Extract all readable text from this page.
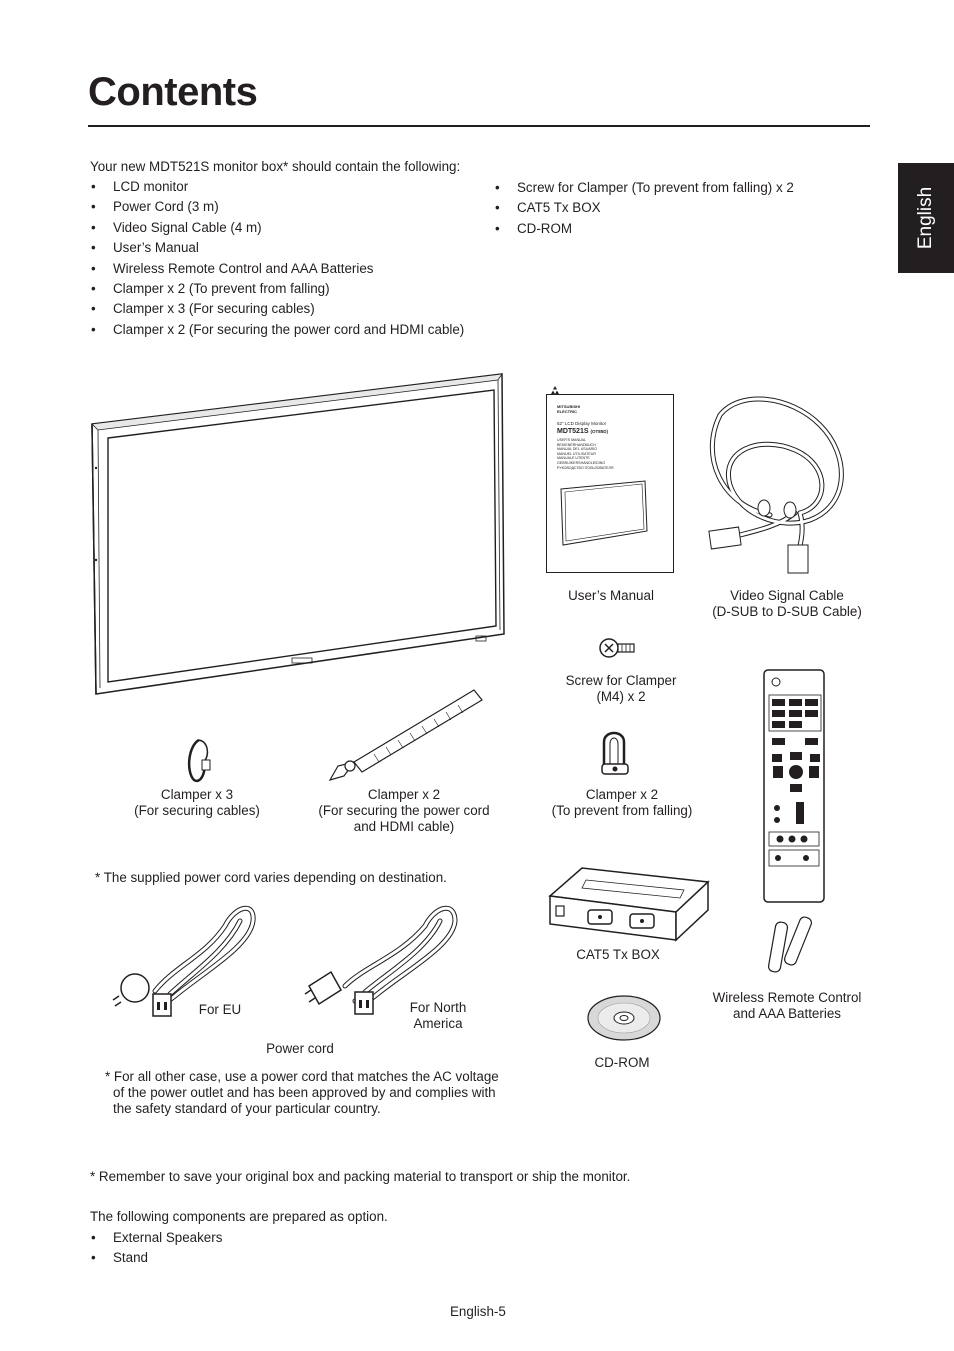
Contents
English
Your new MDT521S monitor box* should contain the following:
• LCD monitor
• Power Cord (3 m)
• Video Signal Cable (4 m)
• User’s Manual
• Wireless Remote Control and AAA Batteries
• Clamper x 2 (To prevent from falling)
• Clamper x 3 (For securing cables)
• Clamper x 2 (For securing the power cord and HDMI cable)
• Screw for Clamper (To prevent from falling) x 2
• CAT5 Tx BOX
• CD-ROM
MITSUBISHI
ELECTRIC
52" LCD Display Monitor
MDT521S (OT85D)
USER'S MANUAL
BEDIENERHANDBUCH
MANUAL DEL USUARIO
MANUEL UTILISATEUR
MANUALE UTENTE
GEBRUIKERSHANDLEIDING
РУКОВОДСТВО ПОЛЬЗОВАТЕЛЯ
User’s Manual	Video Signal Cable
(D-SUB to D-SUB Cable)
Screw for Clamper
(M4) x 2
Wireless Remote Control
and AAA Batteries
Clamper x 3
(For securing cables)
Clamper x 2
(For securing the power cord
and HDMI cable)
Clamper x 2
(To prevent from falling)
* The supplied power cord varies depending on destination.
For EU	For North
America
Power cord
* For all other case, use a power cord that matches the AC voltage
of the power outlet and has been approved by and complies with
the safety standard of your particular country.
CAT5 Tx BOX
CD-ROM
* Remember to save your original box and packing material to transport or ship the monitor.
The following components are prepared as option.
• External Speakers
• Stand
English-5
